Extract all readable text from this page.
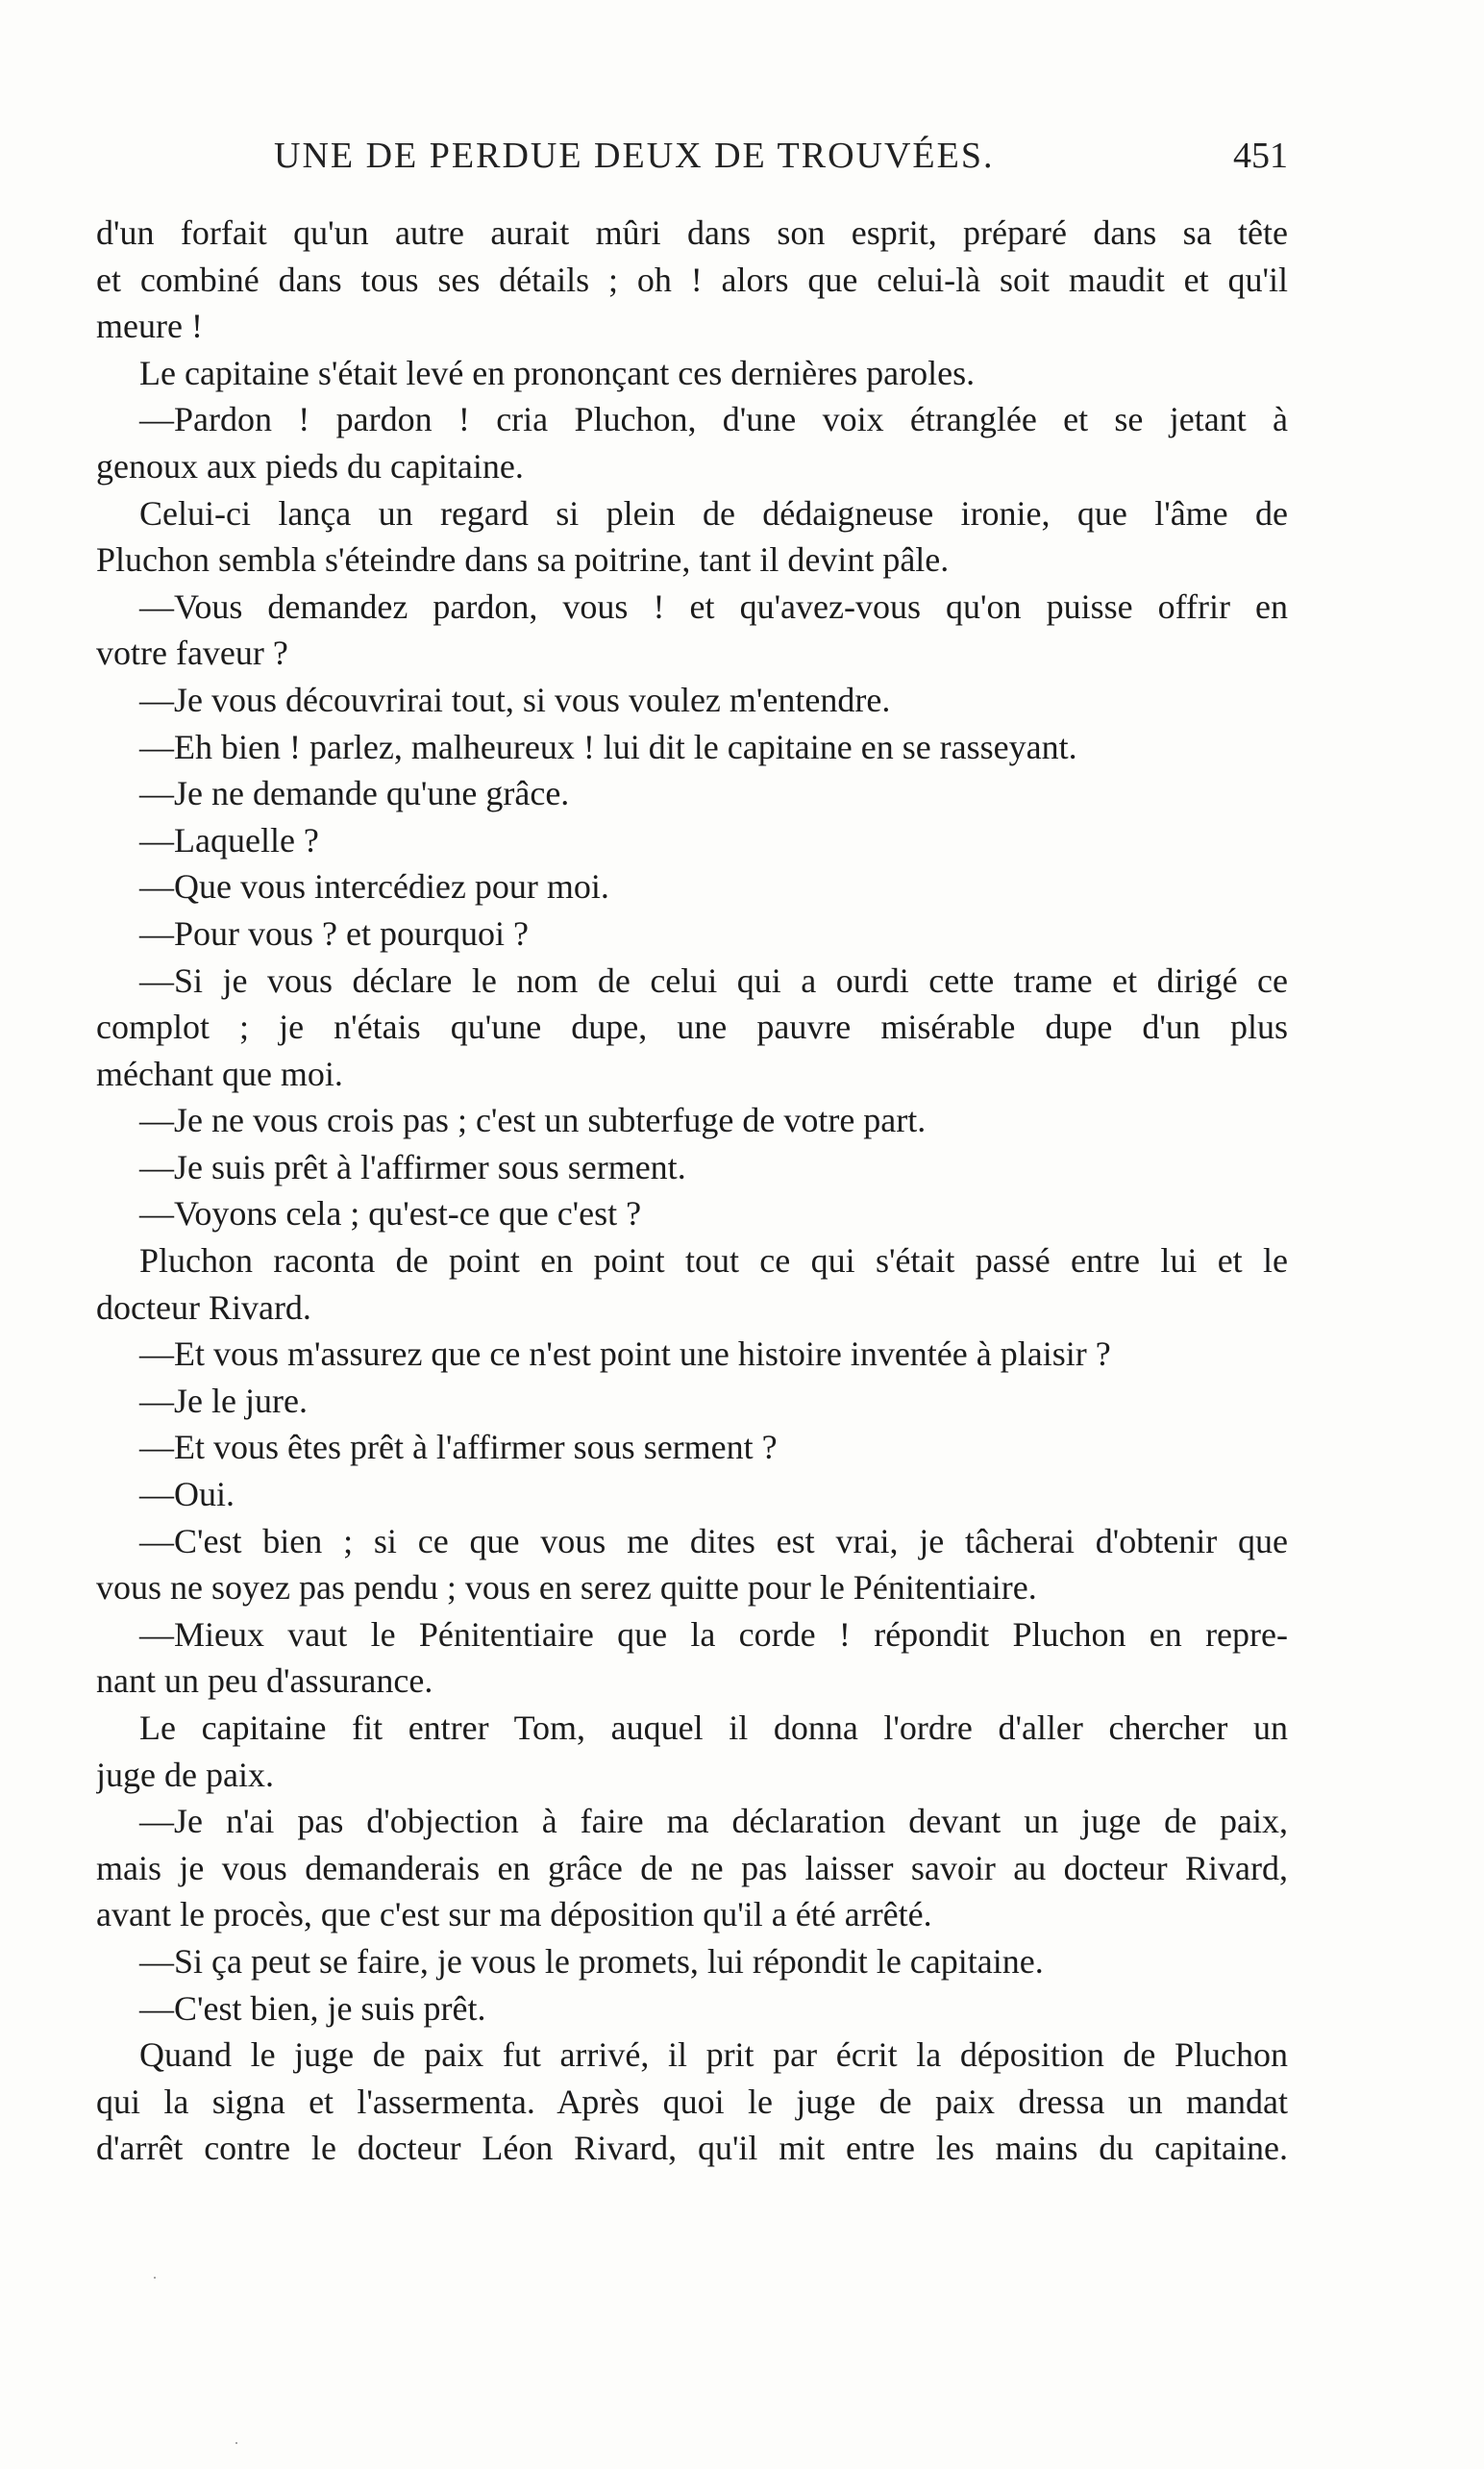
UNE DE PERDUE DEUX DE TROUVÉES.	451
d'un forfait qu'un autre aurait mûri dans son esprit, préparé dans sa tête
et combiné dans tous ses détails ; oh ! alors que celui-là soit maudit et qu'il
meure !
Le capitaine s'était levé en prononçant ces dernières paroles.
—Pardon ! pardon ! cria Pluchon, d'une voix étranglée et se jetant à
genoux aux pieds du capitaine.
Celui-ci lança un regard si plein de dédaigneuse ironie, que l'âme de
Pluchon sembla s'éteindre dans sa poitrine, tant il devint pâle.
—Vous demandez pardon, vous ! et qu'avez-vous qu'on puisse offrir en
votre faveur ?
—Je vous découvrirai tout, si vous voulez m'entendre.
—Eh bien ! parlez, malheureux ! lui dit le capitaine en se rasseyant.
—Je ne demande qu'une grâce.
—Laquelle ?
—Que vous intercédiez pour moi.
—Pour vous ? et pourquoi ?
—Si je vous déclare le nom de celui qui a ourdi cette trame et dirigé ce
complot ; je n'étais qu'une dupe, une pauvre misérable dupe d'un plus
méchant que moi.
—Je ne vous crois pas ; c'est un subterfuge de votre part.
—Je suis prêt à l'affirmer sous serment.
—Voyons cela ; qu'est-ce que c'est ?
Pluchon raconta de point en point tout ce qui s'était passé entre lui et le
docteur Rivard.
—Et vous m'assurez que ce n'est point une histoire inventée à plaisir ?
—Je le jure.
—Et vous êtes prêt à l'affirmer sous serment ?
—Oui.
—C'est bien ; si ce que vous me dites est vrai, je tâcherai d'obtenir que
vous ne soyez pas pendu ; vous en serez quitte pour le Pénitentiaire.
—Mieux vaut le Pénitentiaire que la corde ! répondit Pluchon en repre-
nant un peu d'assurance.
Le capitaine fit entrer Tom, auquel il donna l'ordre d'aller chercher un
juge de paix.
—Je n'ai pas d'objection à faire ma déclaration devant un juge de paix,
mais je vous demanderais en grâce de ne pas laisser savoir au docteur Rivard,
avant le procès, que c'est sur ma déposition qu'il a été arrêté.
—Si ça peut se faire, je vous le promets, lui répondit le capitaine.
—C'est bien, je suis prêt.
Quand le juge de paix fut arrivé, il prit par écrit la déposition de Pluchon
qui la signa et l'assermenta. Après quoi le juge de paix dressa un mandat
d'arrêt contre le docteur Léon Rivard, qu'il mit entre les mains du capitaine.
